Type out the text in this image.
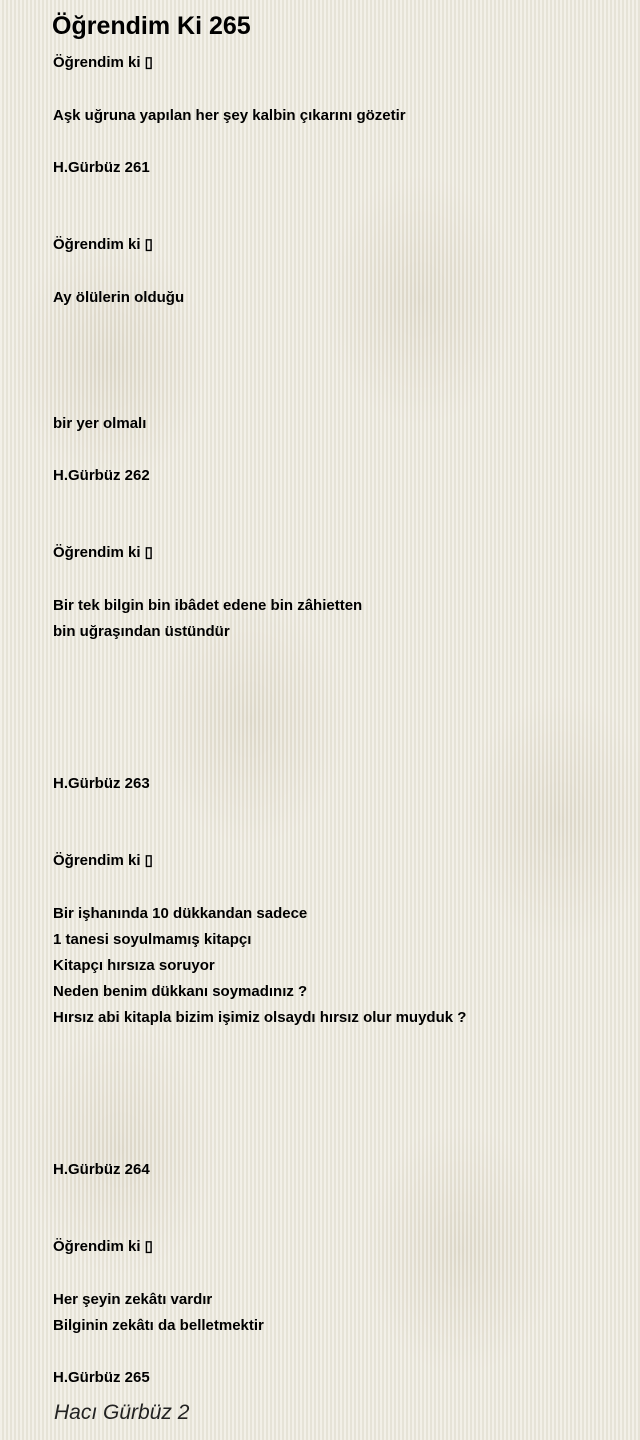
Öğrendim Ki 265

Öğrendim ki ▯

Aşk uğruna yapılan her şey kalbin çıkarını gözetir

H.Gürbüz 261

Öğrendim ki ▯

Ay ölülerin olduğu

bir yer olmalı

H.Gürbüz 262

Öğrendim ki ▯

Bir tek bilgin bin ibâdet edene bin zâhietten

bin uğraşından üstündür

H.Gürbüz 263

Öğrendim ki ▯

Bir işhanında 10 dükkandan sadece

1 tanesi soyulmamış kitapçı

Kitapçı hırsıza soruyor

Neden benim dükkanı soymadınız ?

Hırsız abi kitapla bizim işimiz olsaydı hırsız olur muyduk ?

H.Gürbüz 264

Öğrendim ki ▯

Her şeyin zekâtı vardır

Bilginin zekâtı da belletmektir

H.Gürbüz 265

Hacı Gürbüz 2
